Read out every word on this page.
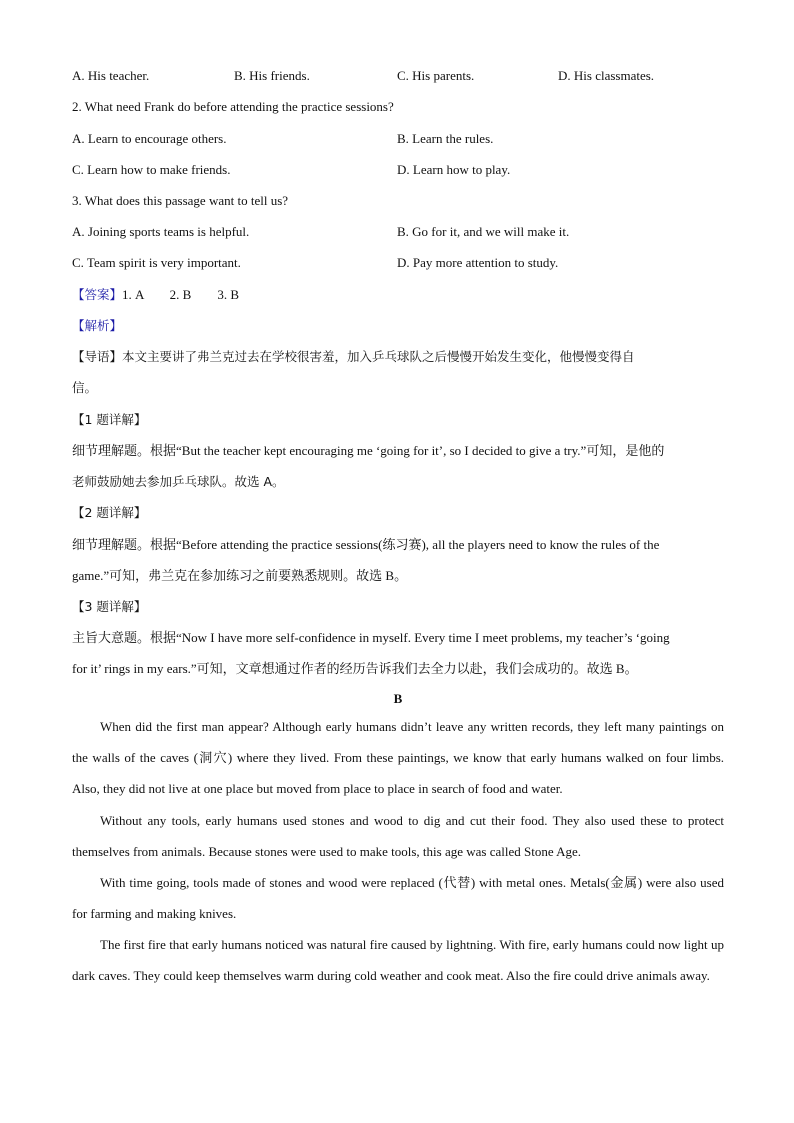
A. His teacher.	B. His friends.	C. His parents.	D. His classmates.
2. What need Frank do before attending the practice sessions?
A. Learn to encourage others.	B. Learn the rules.
C. Learn how to make friends.	D. Learn how to play.
3. What does this passage want to tell us?
A. Joining sports teams is helpful.	B. Go for it, and we will make it.
C. Team spirit is very important.	D. Pay more attention to study.
【答案】1. A        2. B        3. B
【解析】
【导语】本文主要讲了弗兰克过去在学校很害羞，加入乒乓球队之后慢慢开始发生变化，他慢慢变得自
信。
【1 题详解】
细节理解题。根据“But the teacher kept encouraging me ‘going for it’, so I decided to give a try.”可知，是他的
老师鼓励她去参加乒乓球队。故选 A。
【2 题详解】
细节理解题。根据“Before attending the practice sessions(练习赛), all the players need to know the rules of the
game.”可知，弗兰克在参加练习之前要熟悉规则。故选 B。
【3 题详解】
主旨大意题。根据“Now I have more self-confidence in myself. Every time I meet problems, my teacher’s ‘going
for it’ rings in my ears.”可知，文章想通过作者的经历告诉我们去全力以赴，我们会成功的。故选 B。
B
When did the first man appear? Although early humans didn’t leave any written records, they left many paintings on the walls of the caves (洞穴) where they lived. From these paintings, we know that early humans walked on four limbs. Also, they did not live at one place but moved from place to place in search of food and water.
Without any tools, early humans used stones and wood to dig and cut their food. They also used these to protect themselves from animals. Because stones were used to make tools, this age was called Stone Age.
With time going, tools made of stones and wood were replaced (代替) with metal ones. Metals(金属) were also used for farming and making knives.
The first fire that early humans noticed was natural fire caused by lightning. With fire, early humans could now light up dark caves. They could keep themselves warm during cold weather and cook meat. Also the fire could drive animals away.
